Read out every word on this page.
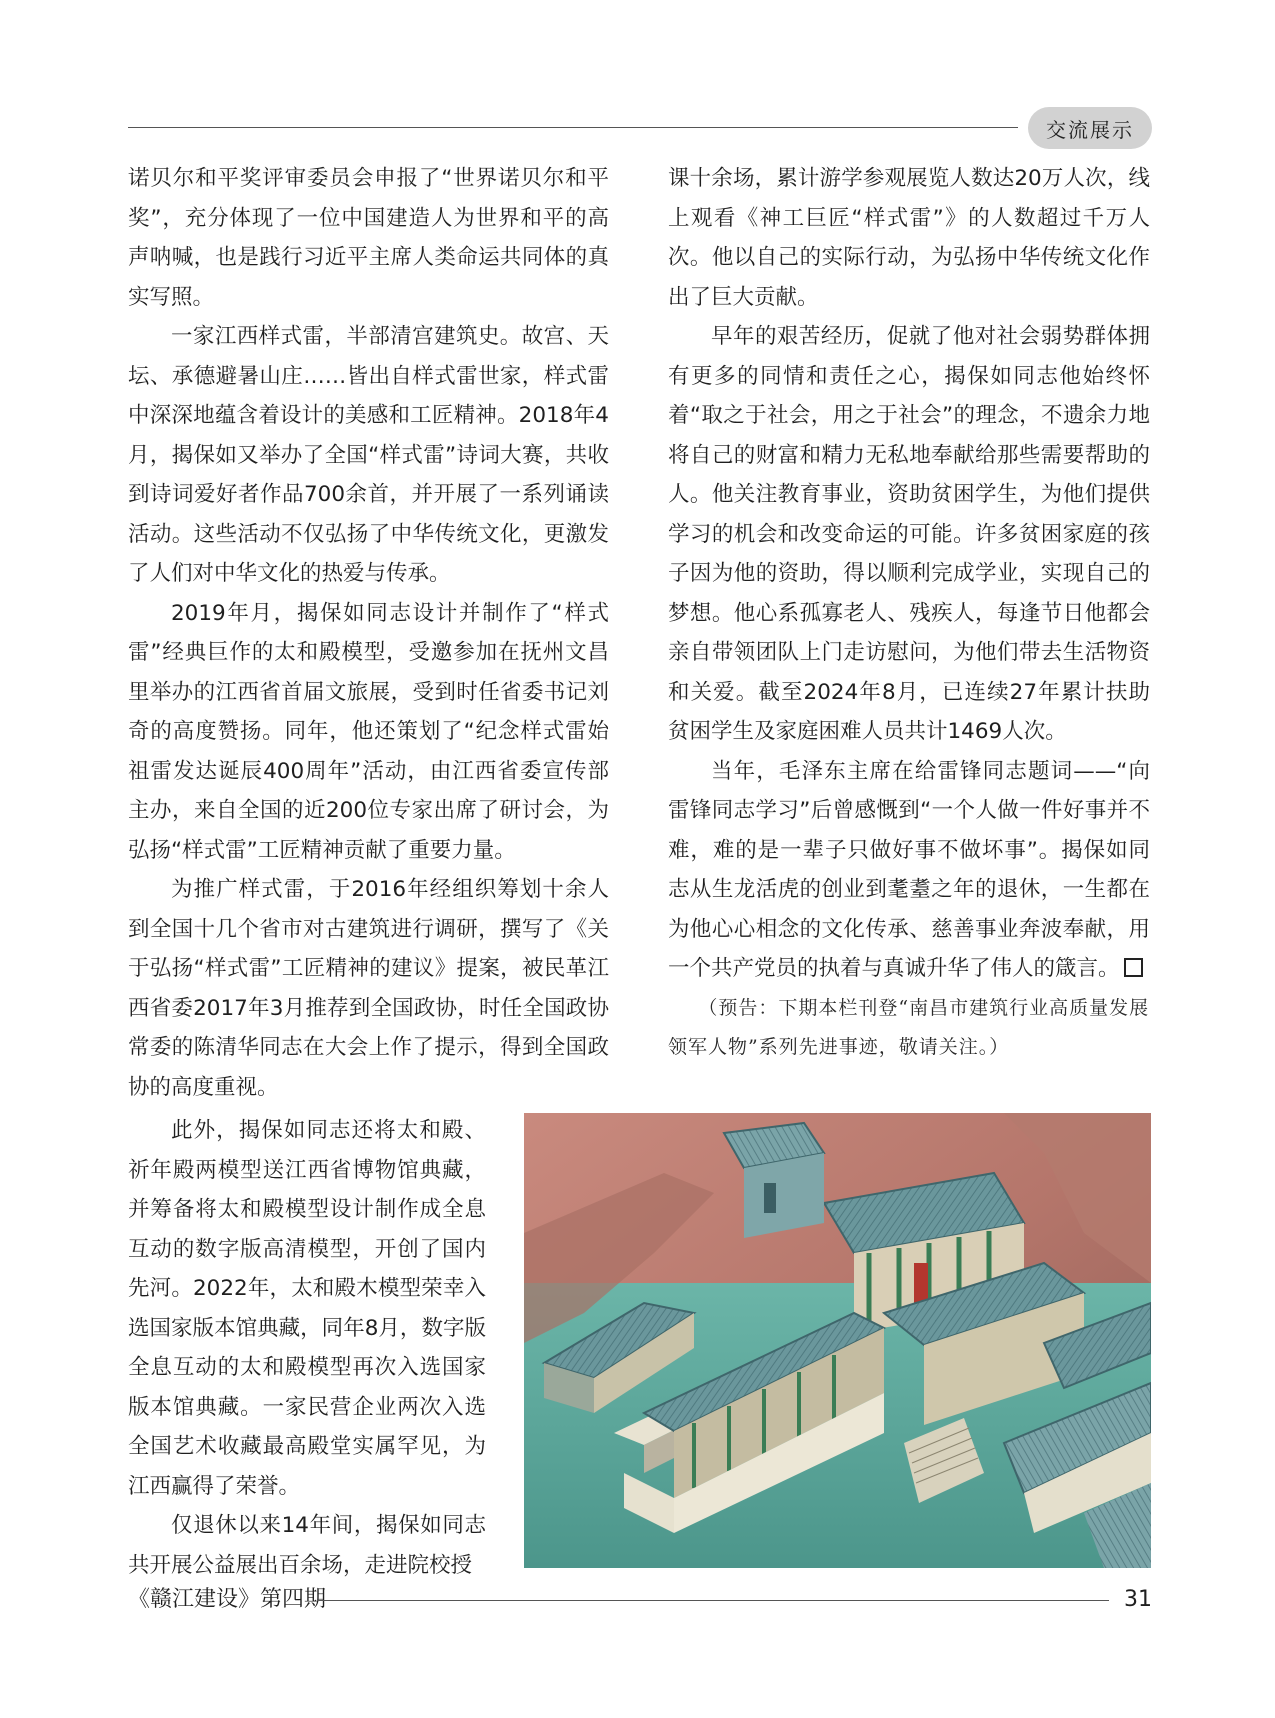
交流展示

诺贝尔和平奖评审委员会申报了“世界诺贝尔和平奖”，充分体现了一位中国建造人为世界和平的高声呐喊，也是践行习近平主席人类命运共同体的真实写照。

一家江西样式雷，半部清宫建筑史。故宫、天坛、承德避暑山庄……皆出自样式雷世家，样式雷中深深地蕴含着设计的美感和工匠精神。2018年4月，揭保如又举办了全国“样式雷”诗词大赛，共收到诗词爱好者作品700余首，并开展了一系列诵读活动。这些活动不仅弘扬了中华传统文化，更激发了人们对中华文化的热爱与传承。

2019年月，揭保如同志设计并制作了“样式雷”经典巨作的太和殿模型，受邀参加在抚州文昌里举办的江西省首届文旅展，受到时任省委书记刘奇的高度赞扬。同年，他还策划了“纪念样式雷始祖雷发达诞辰400周年”活动，由江西省委宣传部主办，来自全国的近200位专家出席了研讨会，为弘扬“样式雷”工匠精神贡献了重要力量。

为推广样式雷，于2016年经组织筹划十余人到全国十几个省市对古建筑进行调研，撰写了《关于弘扬“样式雷”工匠精神的建议》提案，被民革江西省委2017年3月推荐到全国政协，时任全国政协常委的陈清华同志在大会上作了提示，得到全国政协的高度重视。

此外，揭保如同志还将太和殿、祈年殿两模型送江西省博物馆典藏，并筹备将太和殿模型设计制作成全息互动的数字版高清模型，开创了国内先河。2022年，太和殿木模型荣幸入选国家版本馆典藏，同年8月，数字版全息互动的太和殿模型再次入选国家版本馆典藏。一家民营企业两次入选全国艺术收藏最高殿堂实属罕见，为江西赢得了荣誉。

仅退休以来14年间，揭保如同志共开展公益展出百余场，走进院校授

课十余场，累计游学参观展览人数达20万人次，线上观看《神工巨匠“样式雷”》的人数超过千万人次。他以自己的实际行动，为弘扬中华传统文化作出了巨大贡献。

早年的艰苦经历，促就了他对社会弱势群体拥有更多的同情和责任之心，揭保如同志他始终怀着“取之于社会，用之于社会”的理念，不遗余力地将自己的财富和精力无私地奉献给那些需要帮助的人。他关注教育事业，资助贫困学生，为他们提供学习的机会和改变命运的可能。许多贫困家庭的孩子因为他的资助，得以顺利完成学业，实现自己的梦想。他心系孤寡老人、残疾人，每逢节日他都会亲自带领团队上门走访慰问，为他们带去生活物资和关爱。截至2024年8月，已连续27年累计扶助贫困学生及家庭困难人员共计1469人次。

当年，毛泽东主席在给雷锋同志题词——“向雷锋同志学习”后曾感慨到“一个人做一件好事并不难，难的是一辈子只做好事不做坏事”。揭保如同志从生龙活虎的创业到耄耋之年的退休，一生都在为他心心相念的文化传承、慈善事业奔波奉献，用一个共产党员的执着与真诚升华了伟人的箴言。

（预告：下期本栏刊登“南昌市建筑行业高质量发展领军人物”系列先进事迹，敬请关注。）

《赣江建设》第四期	31
